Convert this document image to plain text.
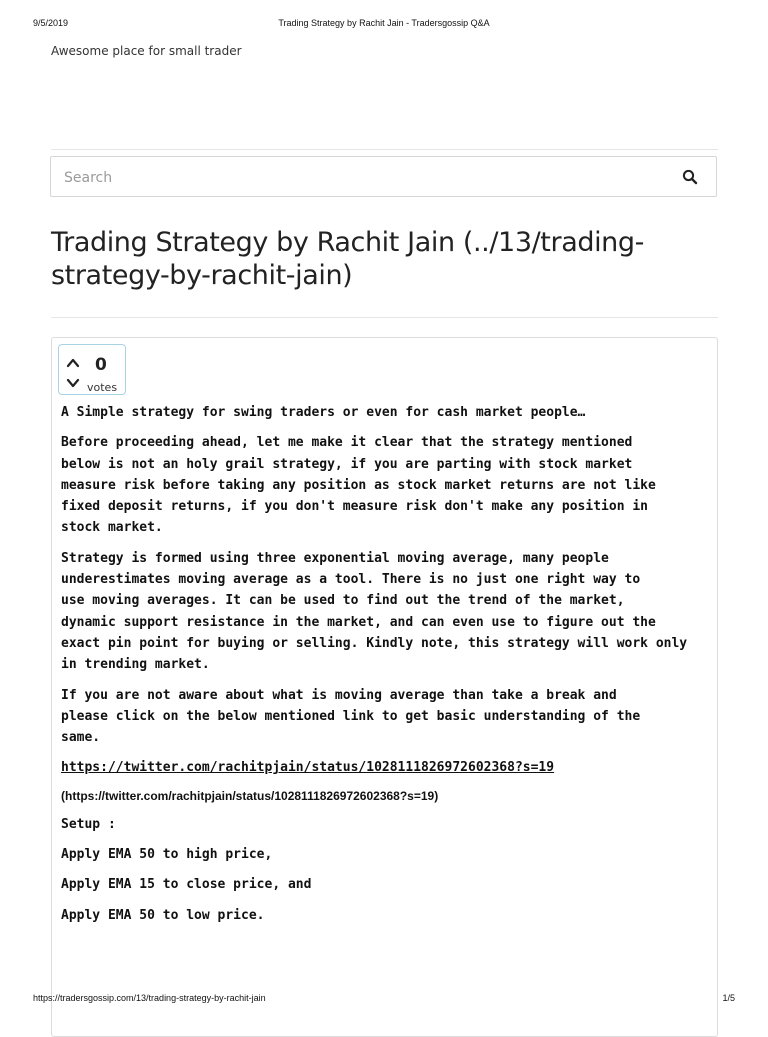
9/5/2019	Trading Strategy by Rachit Jain - Tradersgossip Q&A
Awesome place for small trader
Search
Trading Strategy by Rachit Jain (../13/trading-strategy-by-rachit-jain)
0
votes

A Simple strategy for swing traders or even for cash market people…

Before proceeding ahead, let me make it clear that the strategy mentioned
below is not an holy grail strategy, if you are parting with stock market
measure risk before taking any position as stock market returns are not like
fixed deposit returns, if you don't measure risk don't make any position in
stock market.

Strategy is formed using three exponential moving average, many people
underestimates moving average as a tool. There is no just one right way to
use moving averages. It can be used to find out the trend of the market,
dynamic support resistance in the market, and can even use to figure out the
exact pin point for buying or selling. Kindly note, this strategy will work only
in trending market.

If you are not aware about what is moving average than take a break and
please click on the below mentioned link to get basic understanding of the
same.

https://twitter.com/rachitpjain/status/1028111826972602368?s=19

(https://twitter.com/rachitpjain/status/1028111826972602368?s=19)

Setup :

Apply EMA 50 to high price,

Apply EMA 15 to close price, and

Apply EMA 50 to low price.

https://tradersgossip.com/13/trading-strategy-by-rachit-jain	1/5
